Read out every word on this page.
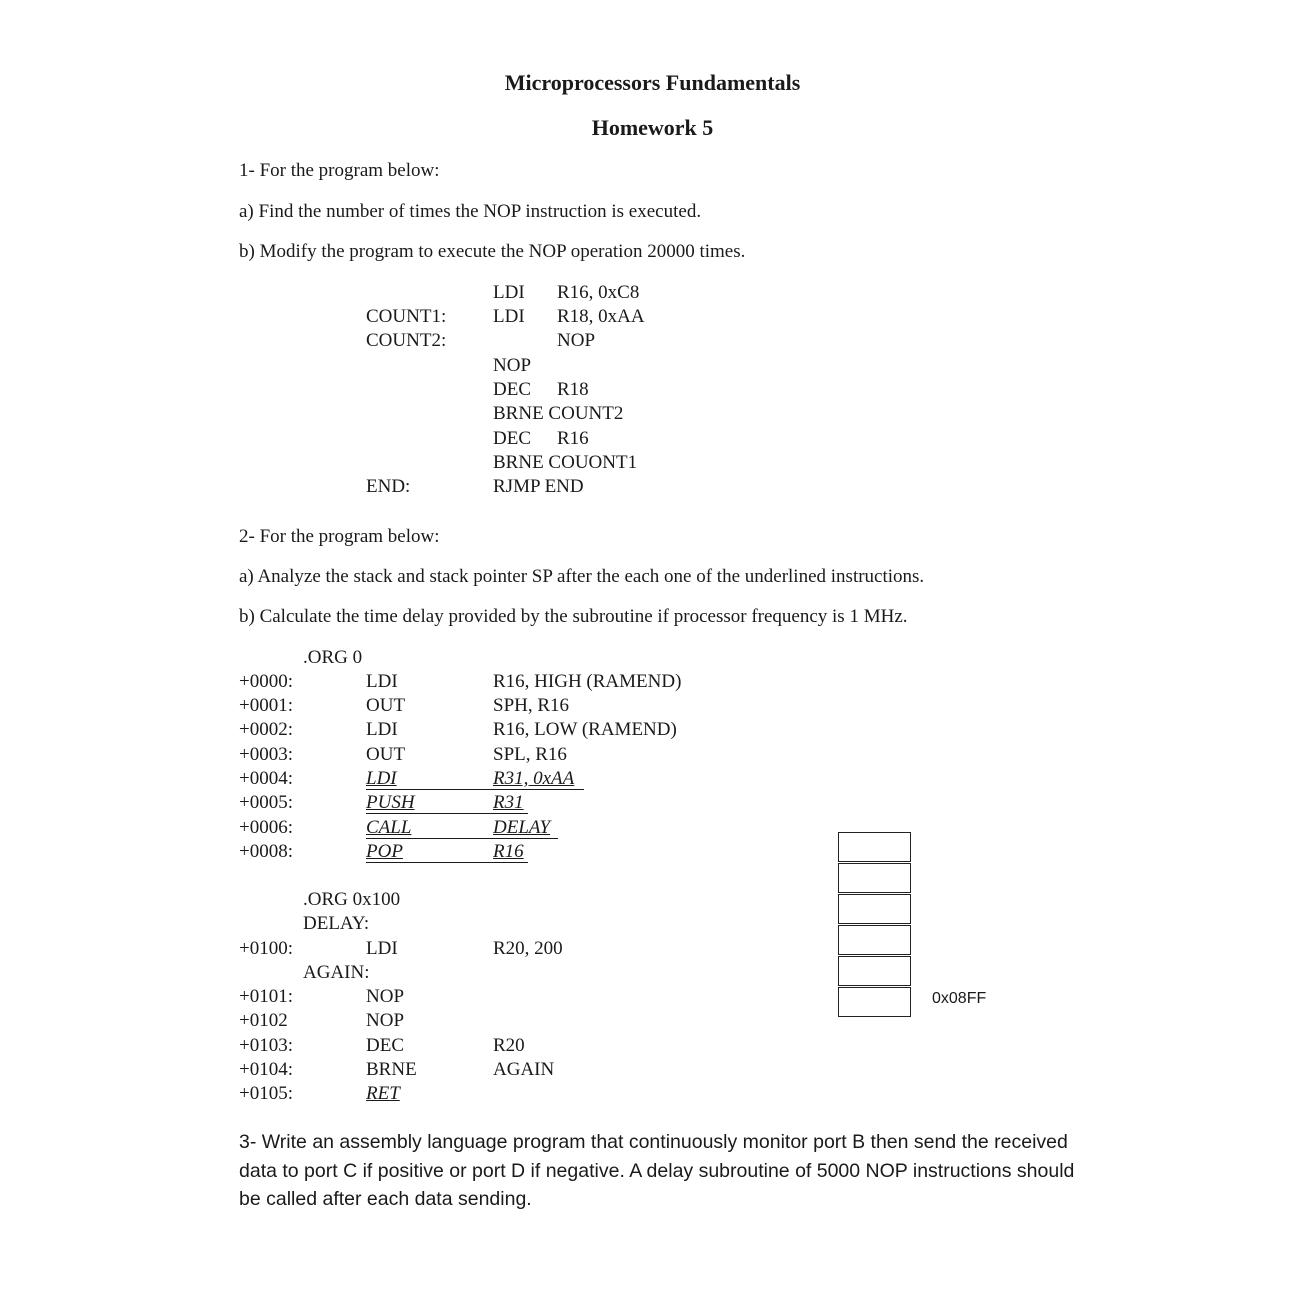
Microprocessors Fundamentals
Homework 5
1- For the program below:
a) Find the number of times the NOP instruction is executed.
b) Modify the program to execute the NOP operation 20000 times.
LDI R16, 0xC8
COUNT1: LDI R18, 0xAA
COUNT2:	NOP
NOP
DEC R18
BRNE COUNT2
DEC R16
BRNE COUONT1
END:	RJMP END
2- For the program below:
a) Analyze the stack and stack pointer SP after the each one of the underlined instructions.
b) Calculate the time delay provided by the subroutine if processor frequency is 1 MHz.
.ORG 0
+0000:	LDI	R16, HIGH (RAMEND)
+0001:	OUT	SPH, R16
+0002:	LDI	R16, LOW (RAMEND)
+0003:	OUT	SPL, R16
+0004:	LDI	R31, 0xAA
+0005:	PUSH	R31
+0006:	CALL	DELAY
+0008:	POP	R16
.ORG 0x100
DELAY:
+0100:	LDI	R20, 200
AGAIN:
+0101:	NOP
+0102	NOP
+0103:	DEC	R20
+0104:	BRNE	AGAIN
+0105:	RET
0x08FF
3- Write an assembly language program that continuously monitor port B then send the received data to port C if positive or port D if negative. A delay subroutine of 5000 NOP instructions should be called after each data sending.
